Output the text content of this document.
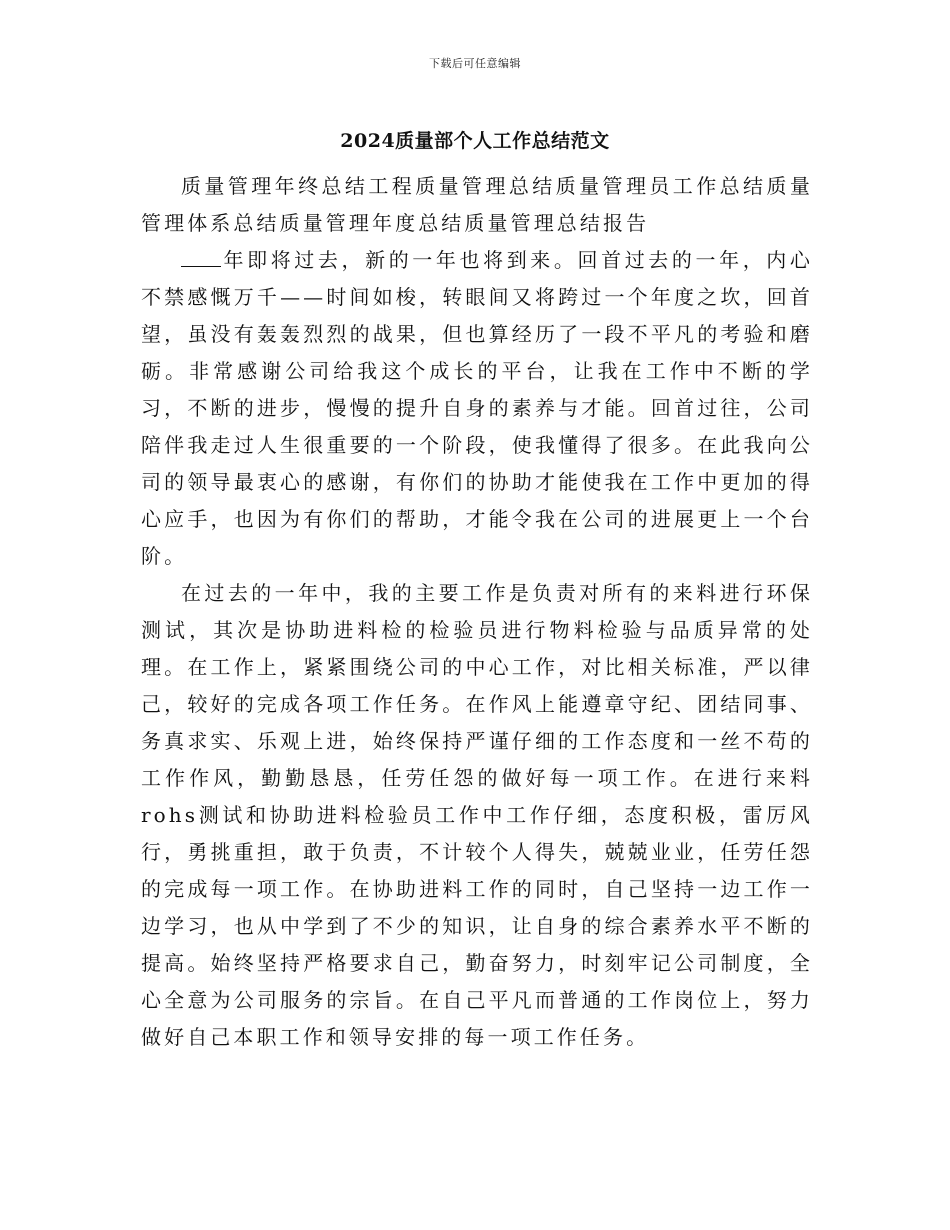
下载后可任意编辑
2024质量部个人工作总结范文

质量管理年终总结工程质量管理总结质量管理员工作总结质量管理体系总结质量管理年度总结质量管理总结报告

年即将过去，新的一年也将到来。回首过去的一年，内心不禁感慨万千——时间如梭，转眼间又将跨过一个年度之坎，回首望，虽没有轰轰烈烈的战果，但也算经历了一段不平凡的考验和磨砺。非常感谢公司给我这个成长的平台，让我在工作中不断的学习，不断的进步，慢慢的提升自身的素养与才能。回首过往，公司陪伴我走过人生很重要的一个阶段，使我懂得了很多。在此我向公司的领导最衷心的感谢，有你们的协助才能使我在工作中更加的得心应手，也因为有你们的帮助，才能令我在公司的进展更上一个台阶。

在过去的一年中，我的主要工作是负责对所有的来料进行环保测试，其次是协助进料检的检验员进行物料检验与品质异常的处理。在工作上，紧紧围绕公司的中心工作，对比相关标准，严以律己，较好的完成各项工作任务。在作风上能遵章守纪、团结同事、务真求实、乐观上进，始终保持严谨仔细的工作态度和一丝不苟的工作作风，勤勤恳恳，任劳任怨的做好每一项工作。在进行来料rohs测试和协助进料检验员工作中工作仔细，态度积极，雷厉风行，勇挑重担，敢于负责，不计较个人得失，兢兢业业，任劳任怨的完成每一项工作。在协助进料工作的同时，自己坚持一边工作一边学习，也从中学到了不少的知识，让自身的综合素养水平不断的提高。始终坚持严格要求自己，勤奋努力，时刻牢记公司制度，全心全意为公司服务的宗旨。在自己平凡而普通的工作岗位上，努力做好自己本职工作和领导安排的每一项工作任务。
